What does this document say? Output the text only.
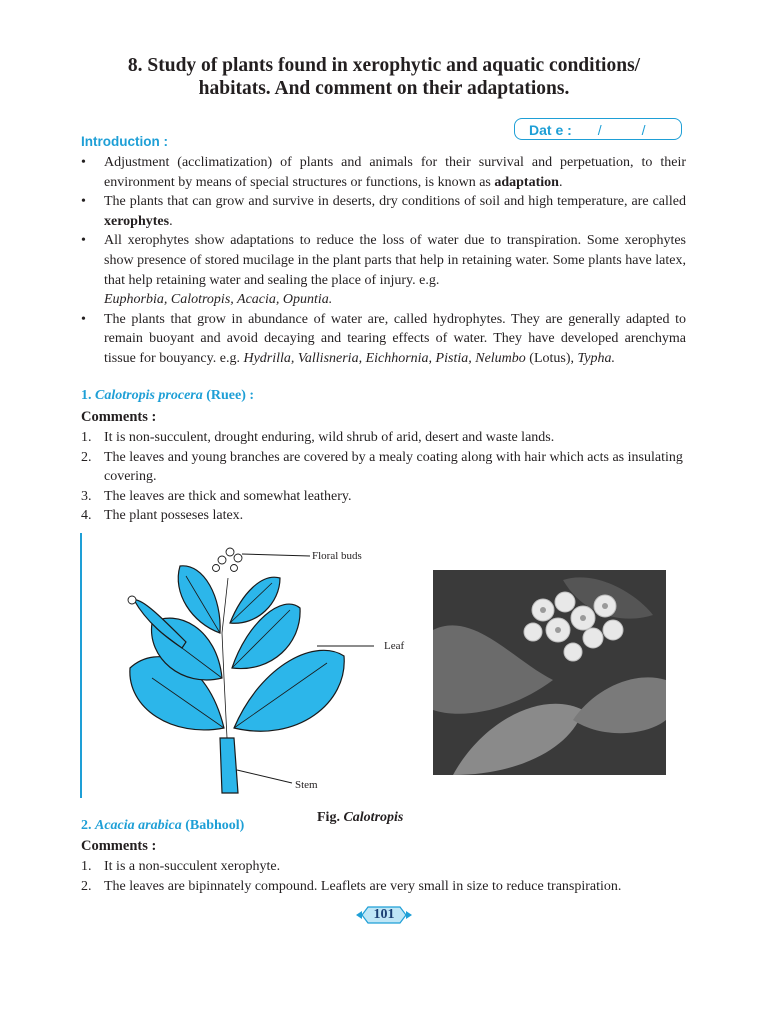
8. Study of plants found in xerophytic and aquatic conditions/
habitats. And comment on their adaptations.
Dat e : / /
Introduction :
• Adjustment (acclimatization) of plants and animals for their survival and perpetuation, to their environment by means of special structures or functions, is known as adaptation.
• The plants that can grow and survive in deserts, dry conditions of soil and high temperature, are called xerophytes.
• All xerophytes show adaptations to reduce the loss of water due to transpiration. Some xerophytes show presence of stored mucilage in the plant parts that help in retaining water. Some plants have latex, that help retaining water and sealing the place of injury. e.g.
Euphorbia, Calotropis, Acacia, Opuntia.
• The plants that grow in abundance of water are, called hydrophytes. They are generally adapted to remain buoyant and avoid decaying and tearing effects of water. They have developed arenchyma tissue for bouyancy. e.g. Hydrilla, Vallisneria, Eichhornia, Pistia, Nelumbo (Lotus), Typha.
1. Calotropis procera (Ruee) :
Comments :
1. It is non-succulent, drought enduring, wild shrub of arid, desert and waste lands.
2. The leaves and young branches are covered by a mealy coating along with hair which acts as insulating covering.
3. The leaves are thick and somewhat leathery.
4. The plant posseses latex.
Floral buds
Leaf
Stem
Fig. Calotropis
2. Acacia arabica (Babhool)
Comments :
1. It is a non-succulent xerophyte.
2. The leaves are bipinnately compound. Leaflets are very small in size to reduce transpiration.
101
